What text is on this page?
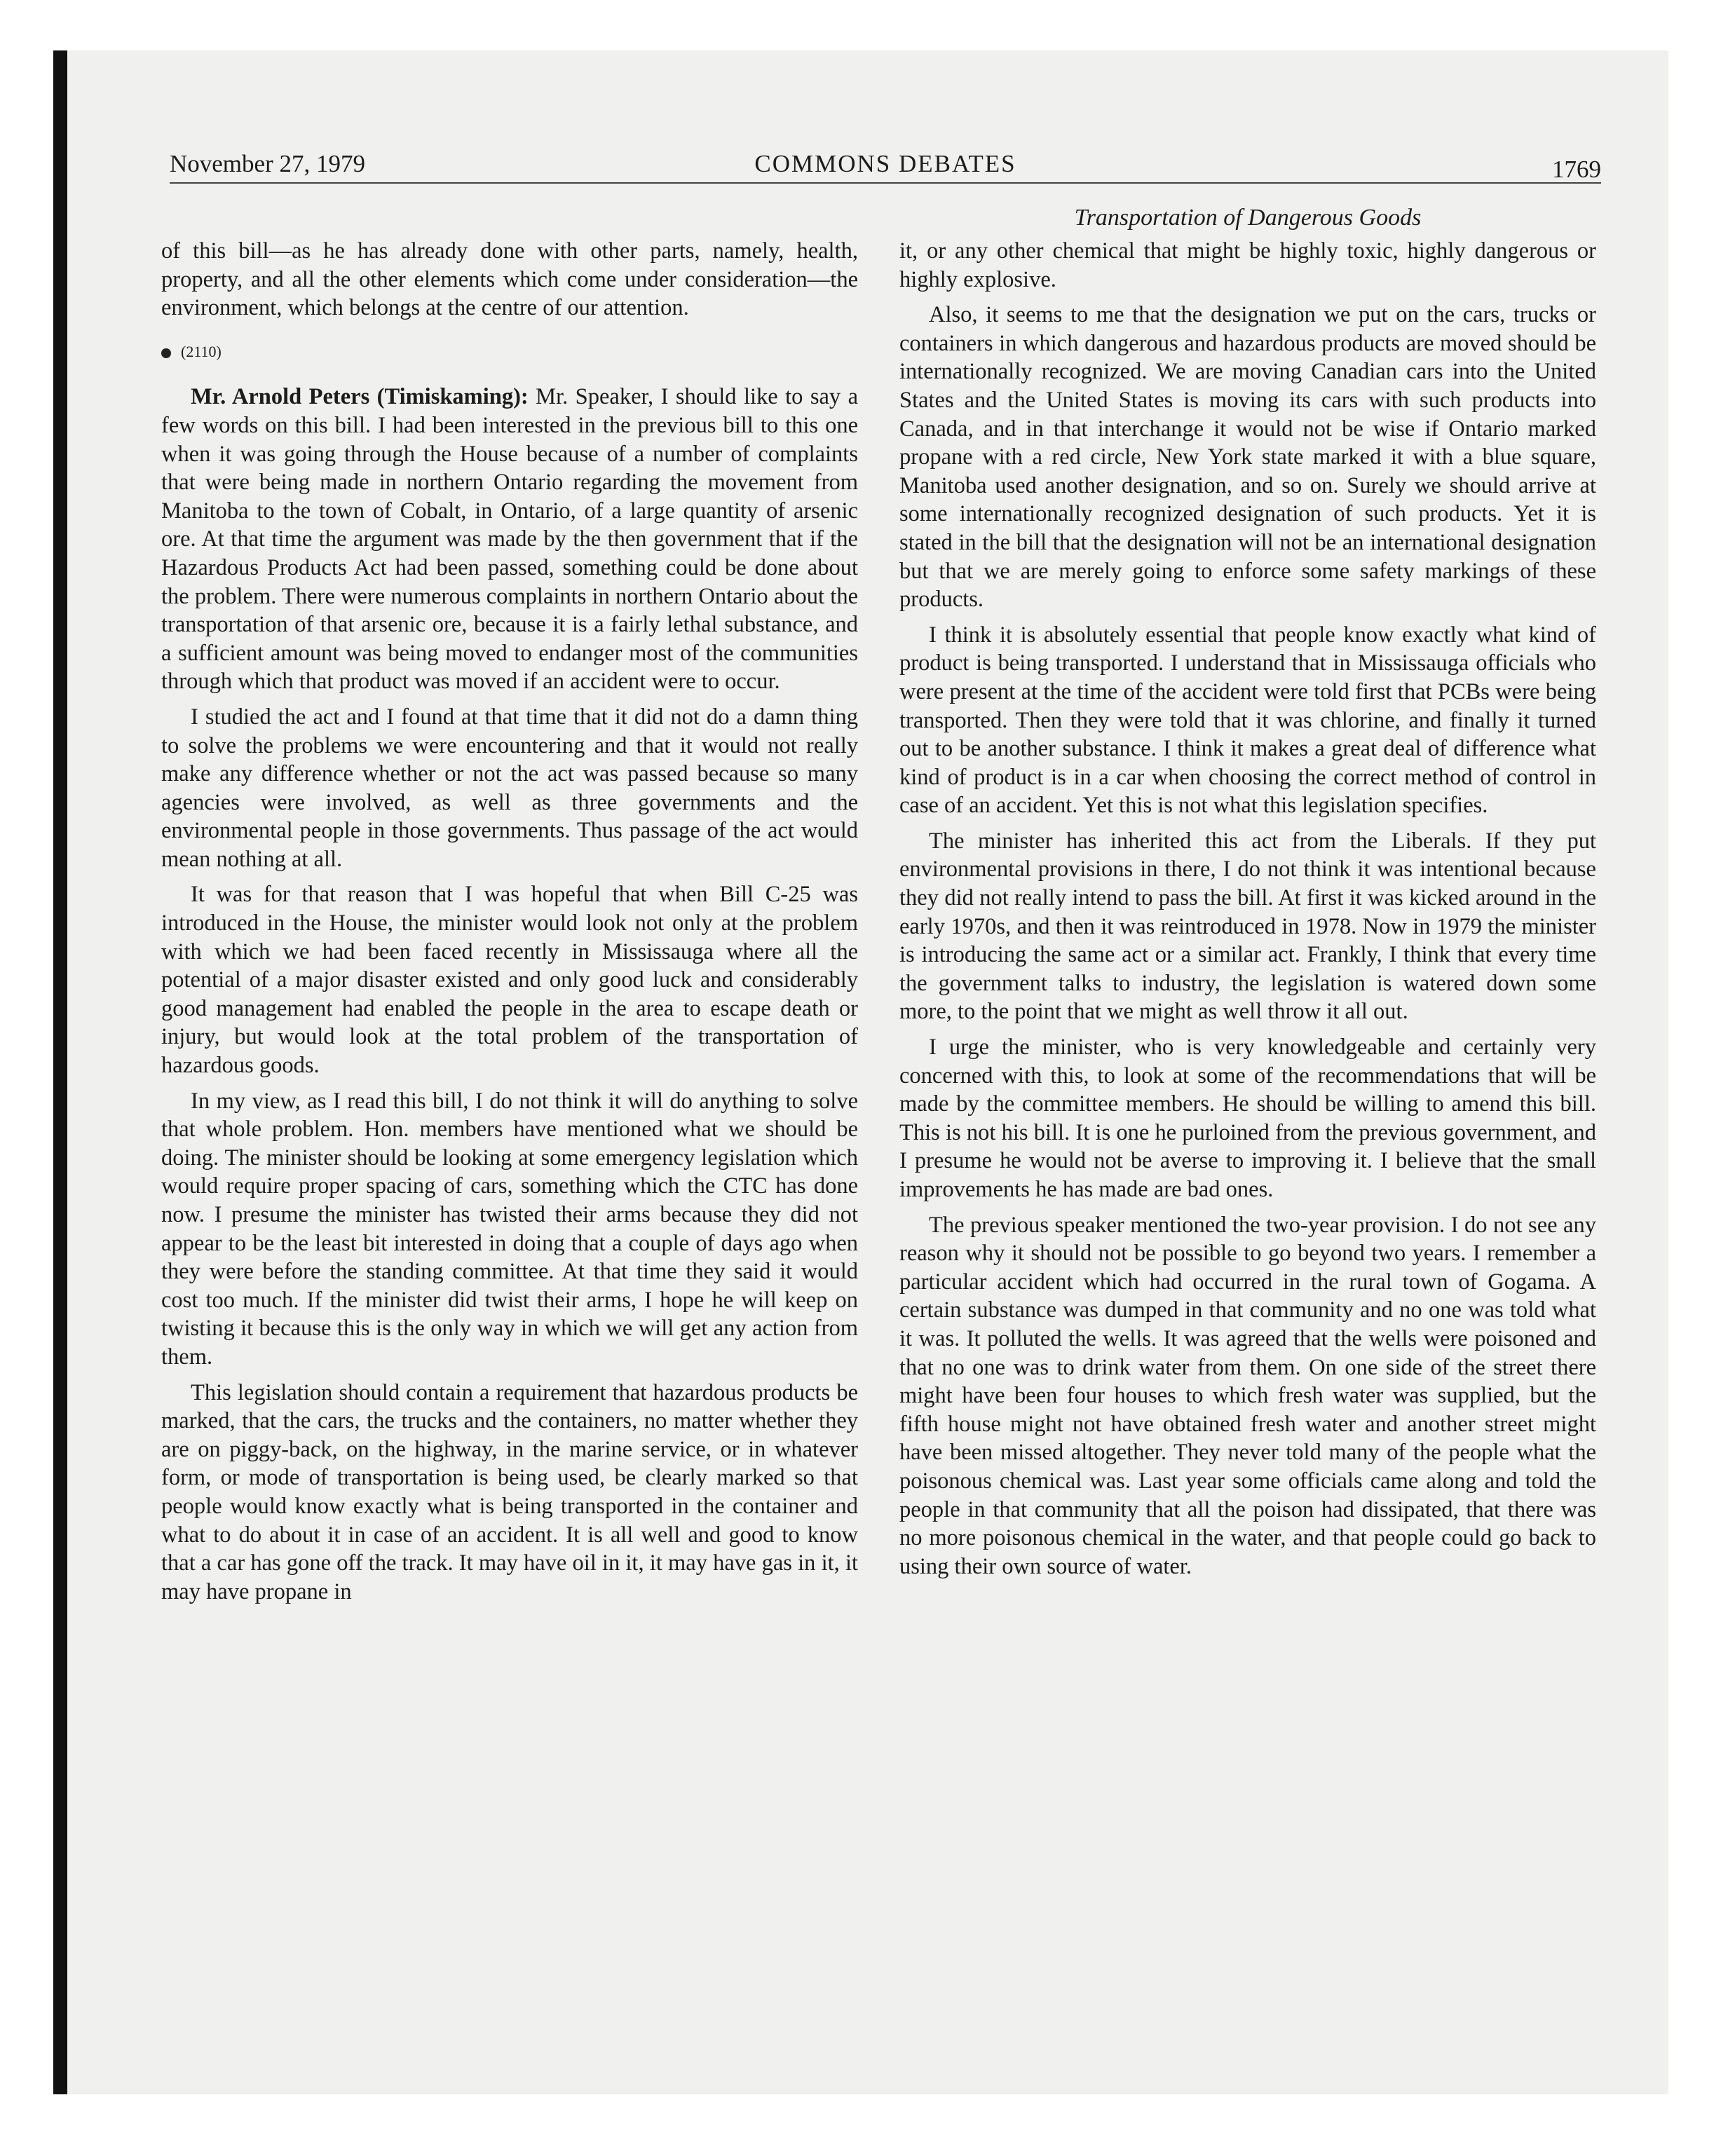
November 27, 1979	COMMONS DEBATES	1769
Transportation of Dangerous Goods

of this bill—as he has already done with other parts, namely, health, property, and all the other elements which come under consideration—the environment, which belongs at the centre of our attention.

(2110)

Mr. Arnold Peters (Timiskaming): Mr. Speaker, I should like to say a few words on this bill. I had been interested in the previous bill to this one when it was going through the House because of a number of complaints that were being made in northern Ontario regarding the movement from Manitoba to the town of Cobalt, in Ontario, of a large quantity of arsenic ore. At that time the argument was made by the then government that if the Hazardous Products Act had been passed, something could be done about the problem. There were numerous complaints in northern Ontario about the transportation of that arsenic ore, because it is a fairly lethal substance, and a sufficient amount was being moved to endanger most of the communities through which that product was moved if an accident were to occur.

I studied the act and I found at that time that it did not do a damn thing to solve the problems we were encountering and that it would not really make any difference whether or not the act was passed because so many agencies were involved, as well as three governments and the environmental people in those governments. Thus passage of the act would mean nothing at all.

It was for that reason that I was hopeful that when Bill C-25 was introduced in the House, the minister would look not only at the problem with which we had been faced recently in Mississauga where all the potential of a major disaster existed and only good luck and considerably good management had enabled the people in the area to escape death or injury, but would look at the total problem of the transportation of hazardous goods.

In my view, as I read this bill, I do not think it will do anything to solve that whole problem. Hon. members have mentioned what we should be doing. The minister should be looking at some emergency legislation which would require proper spacing of cars, something which the CTC has done now. I presume the minister has twisted their arms because they did not appear to be the least bit interested in doing that a couple of days ago when they were before the standing committee. At that time they said it would cost too much. If the minister did twist their arms, I hope he will keep on twisting it because this is the only way in which we will get any action from them.

This legislation should contain a requirement that hazardous products be marked, that the cars, the trucks and the containers, no matter whether they are on piggy-back, on the highway, in the marine service, or in whatever form, or mode of transportation is being used, be clearly marked so that people would know exactly what is being transported in the container and what to do about it in case of an accident. It is all well and good to know that a car has gone off the track. It may have oil in it, it may have gas in it, it may have propane in

it, or any other chemical that might be highly toxic, highly dangerous or highly explosive.

Also, it seems to me that the designation we put on the cars, trucks or containers in which dangerous and hazardous products are moved should be internationally recognized. We are moving Canadian cars into the United States and the United States is moving its cars with such products into Canada, and in that interchange it would not be wise if Ontario marked propane with a red circle, New York state marked it with a blue square, Manitoba used another designation, and so on. Surely we should arrive at some internationally recognized designation of such products. Yet it is stated in the bill that the designation will not be an international designation but that we are merely going to enforce some safety markings of these products.

I think it is absolutely essential that people know exactly what kind of product is being transported. I understand that in Mississauga officials who were present at the time of the accident were told first that PCBs were being transported. Then they were told that it was chlorine, and finally it turned out to be another substance. I think it makes a great deal of difference what kind of product is in a car when choosing the correct method of control in case of an accident. Yet this is not what this legislation specifies.

The minister has inherited this act from the Liberals. If they put environmental provisions in there, I do not think it was intentional because they did not really intend to pass the bill. At first it was kicked around in the early 1970s, and then it was reintroduced in 1978. Now in 1979 the minister is introducing the same act or a similar act. Frankly, I think that every time the government talks to industry, the legislation is watered down some more, to the point that we might as well throw it all out.

I urge the minister, who is very knowledgeable and certainly very concerned with this, to look at some of the recommendations that will be made by the committee members. He should be willing to amend this bill. This is not his bill. It is one he purloined from the previous government, and I presume he would not be averse to improving it. I believe that the small improvements he has made are bad ones.

The previous speaker mentioned the two-year provision. I do not see any reason why it should not be possible to go beyond two years. I remember a particular accident which had occurred in the rural town of Gogama. A certain substance was dumped in that community and no one was told what it was. It polluted the wells. It was agreed that the wells were poisoned and that no one was to drink water from them. On one side of the street there might have been four houses to which fresh water was supplied, but the fifth house might not have obtained fresh water and another street might have been missed altogether. They never told many of the people what the poisonous chemical was. Last year some officials came along and told the people in that community that all the poison had dissipated, that there was no more poisonous chemical in the water, and that people could go back to using their own source of water.
